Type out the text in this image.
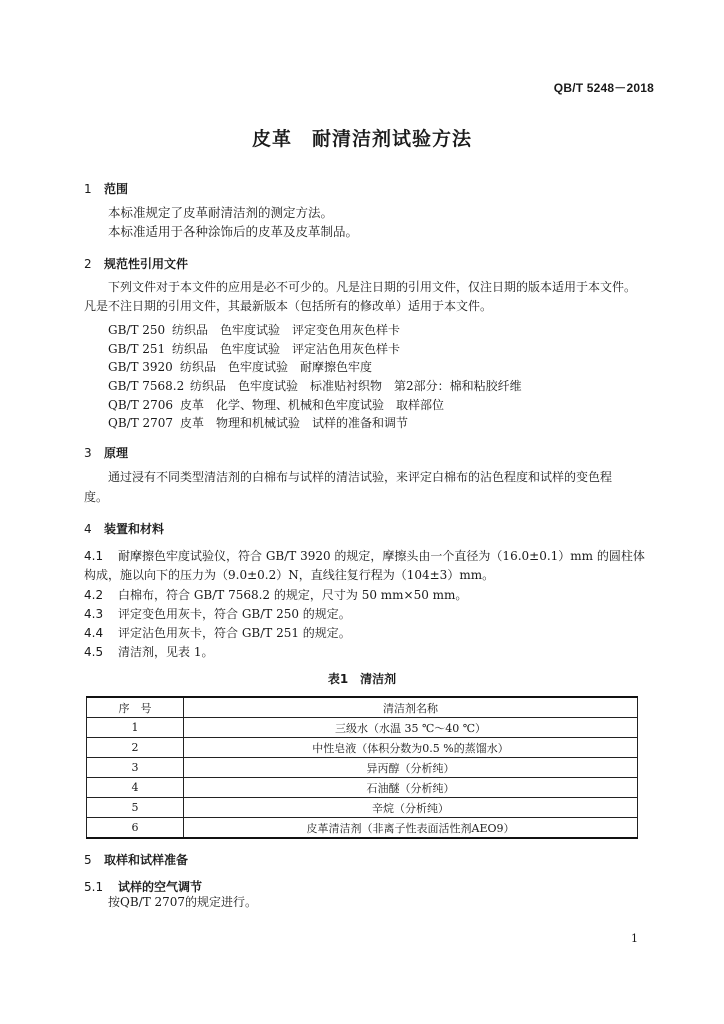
QB/T 5248－2018
皮革　耐清洁剂试验方法
1 范围
本标准规定了皮革耐清洁剂的测定方法。
本标准适用于各种涂饰后的皮革及皮革制品。
2 规范性引用文件
下列文件对于本文件的应用是必不可少的。凡是注日期的引用文件，仅注日期的版本适用于本文件。
凡是不注日期的引用文件，其最新版本（包括所有的修改单）适用于本文件。
GB/T 250 纺织品　色牢度试验　评定变色用灰色样卡
GB/T 251 纺织品　色牢度试验　评定沾色用灰色样卡
GB/T 3920 纺织品　色牢度试验　耐摩擦色牢度
GB/T 7568.2 纺织品　色牢度试验　标准贴衬织物　第2部分：棉和粘胶纤维
QB/T 2706 皮革　化学、物理、机械和色牢度试验　取样部位
QB/T 2707 皮革　物理和机械试验　试样的准备和调节
3 原理
通过浸有不同类型清洁剂的白棉布与试样的清洁试验，来评定白棉布的沾色程度和试样的变色程
度。
4 装置和材料
4.1 耐摩擦色牢度试验仪，符合 GB/T 3920 的规定，摩擦头由一个直径为（16.0±0.1）mm 的圆柱体
构成，施以向下的压力为（9.0±0.2）N，直线往复行程为（104±3）mm。
4.2 白棉布，符合 GB/T 7568.2 的规定，尺寸为 50 mm×50 mm。
4.3 评定变色用灰卡，符合 GB/T 250 的规定。
4.4 评定沾色用灰卡，符合 GB/T 251 的规定。
4.5 清洁剂，见表 1。
表1　清洁剂
序　号	清洁剂名称
1	三级水（水温 35 ℃～40 ℃）
2	中性皂液（体积分数为0.5 %的蒸馏水）
3	异丙醇（分析纯）
4	石油醚（分析纯）
5	辛烷（分析纯）
6	皮革清洁剂（非离子性表面活性剂AEO9）
5 取样和试样准备
5.1 试样的空气调节
按QB/T 2707的规定进行。
1
